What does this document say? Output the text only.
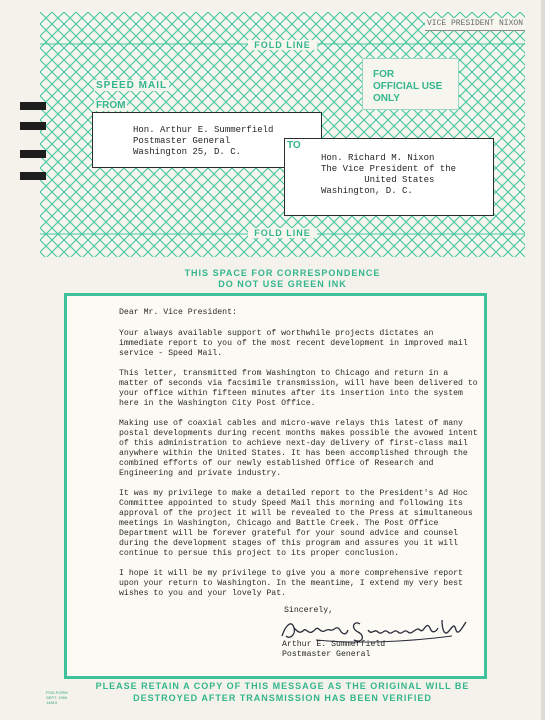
VICE PRESIDENT NIXON
FOLD LINE
SPEED MAIL
FOR
OFFICIAL USE
ONLY
FROM
Hon. Arthur E. Summerfield
Postmaster General
Washington 25, D. C.
TO
Hon. Richard M. Nixon
The Vice President of the
United States
Washington, D. C.
FOLD LINE
THIS SPACE FOR CORRESPONDENCE
DO NOT USE GREEN INK

Dear Mr. Vice President:

Your always available support of worthwhile projects dictates an immediate report to you of the most recent development in improved mail service - Speed Mail.

This letter, transmitted from Washington to Chicago and return in a matter of seconds via facsimile transmission, will have been delivered to your office within fifteen minutes after its insertion into the system here in the Washington City Post Office.

Making use of coaxial cables and micro-wave relays this latest of many postal developments during recent months makes possible the avowed intent of this administration to achieve next-day delivery of first-class mail anywhere within the United States. It has been accomplished through the combined efforts of our newly established Office of Research and Engineering and private industry.

It was my privilege to make a detailed report to the President's Ad Hoc Committee appointed to study Speed Mail this morning and following its approval of the project it will be revealed to the Press at simultaneous meetings in Washington, Chicago and Battle Creek. The Post Office Department will be forever grateful for your sound advice and counsel during the development stages of this program and assures you it will continue to persue this project to its proper conclusion.

I hope it will be my privilege to give you a more comprehensive report upon your return to Washington. In the meantime, I extend my very best wishes to you and your lovely Pat.

Sincerely,
Arthur E. Summerfield
Postmaster General
PLEASE RETAIN A COPY OF THIS MESSAGE AS THE ORIGINAL WILL BE
DESTROYED AFTER TRANSMISSION HAS BEEN VERIFIED
POD FORM
SEPT. 1959
14819
